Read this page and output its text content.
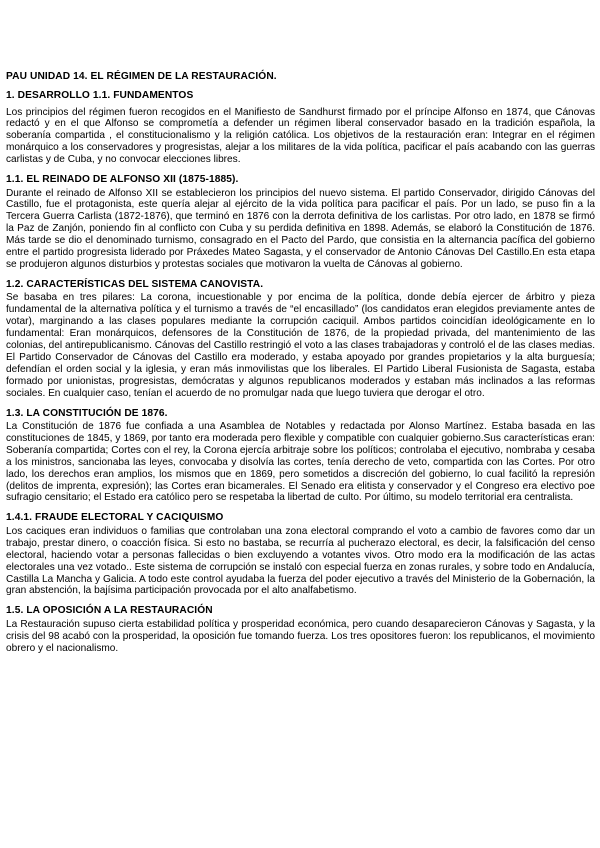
PAU UNIDAD 14. EL RÉGIMEN DE LA RESTAURACIÓN.
1. DESARROLLO 1.1. FUNDAMENTOS

Los principios del régimen fueron recogidos en el Manifiesto de Sandhurst firmado por el príncipe Alfonso en 1874, que Cánovas redactó y en el que Alfonso se comprometía a defender un régimen liberal conservador basado en la tradición española, la soberanía compartida , el constitucionalismo y la religión católica. Los objetivos de la restauración eran: Integrar en el régimen monárquico a los conservadores y progresistas, alejar a los militares de la vida política, pacificar el país acabando con las guerras carlistas y de Cuba, y no convocar elecciones libres.

1.1. EL REINADO DE ALFONSO XII (1875-1885).

Durante el reinado de Alfonso XII se establecieron los principios del nuevo sistema. El partido Conservador, dirigido Cánovas del Castillo, fue el protagonista, este quería alejar al ejército de la vida política para pacificar el país. Por un lado, se puso fin a la Tercera Guerra Carlista (1872-1876), que terminó en 1876 con la derrota definitiva de los carlistas. Por otro lado, en 1878 se firmó la Paz de Zanjón, poniendo fin al conflicto con Cuba y su perdida definitiva en 1898. Además, se elaboró la Constitución de 1876. Más tarde se dio el denominado turnismo, consagrado en el Pacto del Pardo, que consistia en la alternancia pacífica del gobierno entre el partido progresista liderado por Práxedes Mateo Sagasta, y el conservador de Antonio Cánovas Del Castillo.En esta etapa se produjeron algunos disturbios y protestas sociales que motivaron la vuelta de Cánovas al gobierno.

1.2. CARACTERÍSTICAS DEL SISTEMA CANOVISTA.

Se basaba en tres pilares: La corona, incuestionable y por encima de la política, donde debía ejercer de árbitro y pieza fundamental de la alternativa política y el turnismo a través de “el encasillado” (los candidatos eran elegidos previamente antes de votar), marginando a las clases populares mediante la corrupción caciquil. Ambos partidos coincidían ideológicamente en lo fundamental: Eran monárquicos, defensores de la Constitución de 1876, de la propiedad privada, del mantenimiento de las colonias, del antirepublicanismo. Cánovas del Castillo restringió el voto a las clases trabajadoras y controló el de las clases medias. El Partido Conservador de Cánovas del Castillo era moderado, y estaba apoyado por grandes propietarios y la alta burguesía; defendían el orden social y la iglesia, y eran más inmovilistas que los liberales. El Partido Liberal Fusionista de Sagasta, estaba formado por unionistas, progresistas, demócratas y algunos republicanos moderados y estaban más inclinados a las reformas sociales. En cualquier caso, tenían el acuerdo de no promulgar nada que luego tuviera que derogar el otro.

1.3. LA CONSTITUCIÓN DE 1876.

La Constitución de 1876 fue confiada a una Asamblea de Notables y redactada por Alonso Martínez. Estaba basada en las constituciones de 1845, y 1869, por tanto era moderada pero flexible y compatible con cualquier gobierno.Sus características eran: Soberanía compartida; Cortes con el rey, la Corona ejercía arbitraje sobre los políticos; controlaba el ejecutivo, nombraba y cesaba a los ministros, sancionaba las leyes, convocaba y disolvía las cortes, tenía derecho de veto, compartida con las Cortes. Por otro lado, los derechos eran amplios, los mismos que en 1869, pero sometidos a discreción del gobierno, lo cual facilitó la represión (delitos de imprenta, expresión); las Cortes eran bicamerales. El Senado era elitista y conservador y el Congreso era electivo poe sufragio censitario; el Estado era católico pero se respetaba la libertad de culto. Por último, su modelo territorial era centralista.

1.4.1. FRAUDE ELECTORAL Y CACIQUISMO

Los caciques eran individuos o familias que controlaban una zona electoral comprando el voto a cambio de favores como dar un trabajo, prestar dinero, o coacción física. Si esto no bastaba, se recurría al pucherazo electoral, es decir, la falsificación del censo electoral, haciendo votar a personas fallecidas o bien excluyendo a votantes vivos. Otro modo era la modificación de las actas electorales una vez votado.. Este sistema de corrupción se instaló con especial fuerza en zonas rurales, y sobre todo en Andalucía, Castilla La Mancha y Galicia. A todo este control ayudaba la fuerza del poder ejecutivo a través del Ministerio de la Gobernación, la gran abstención, la bajísima participación provocada por el alto analfabetismo.

1.5. LA OPOSICIÓN A LA RESTAURACIÓN

La Restauración supuso cierta estabilidad política y prosperidad económica, pero cuando desaparecieron Cánovas y Sagasta, y la crisis del 98 acabó con la prosperidad, la oposición fue tomando fuerza. Los tres opositores fueron: los republicanos, el movimiento obrero y el nacionalismo.
